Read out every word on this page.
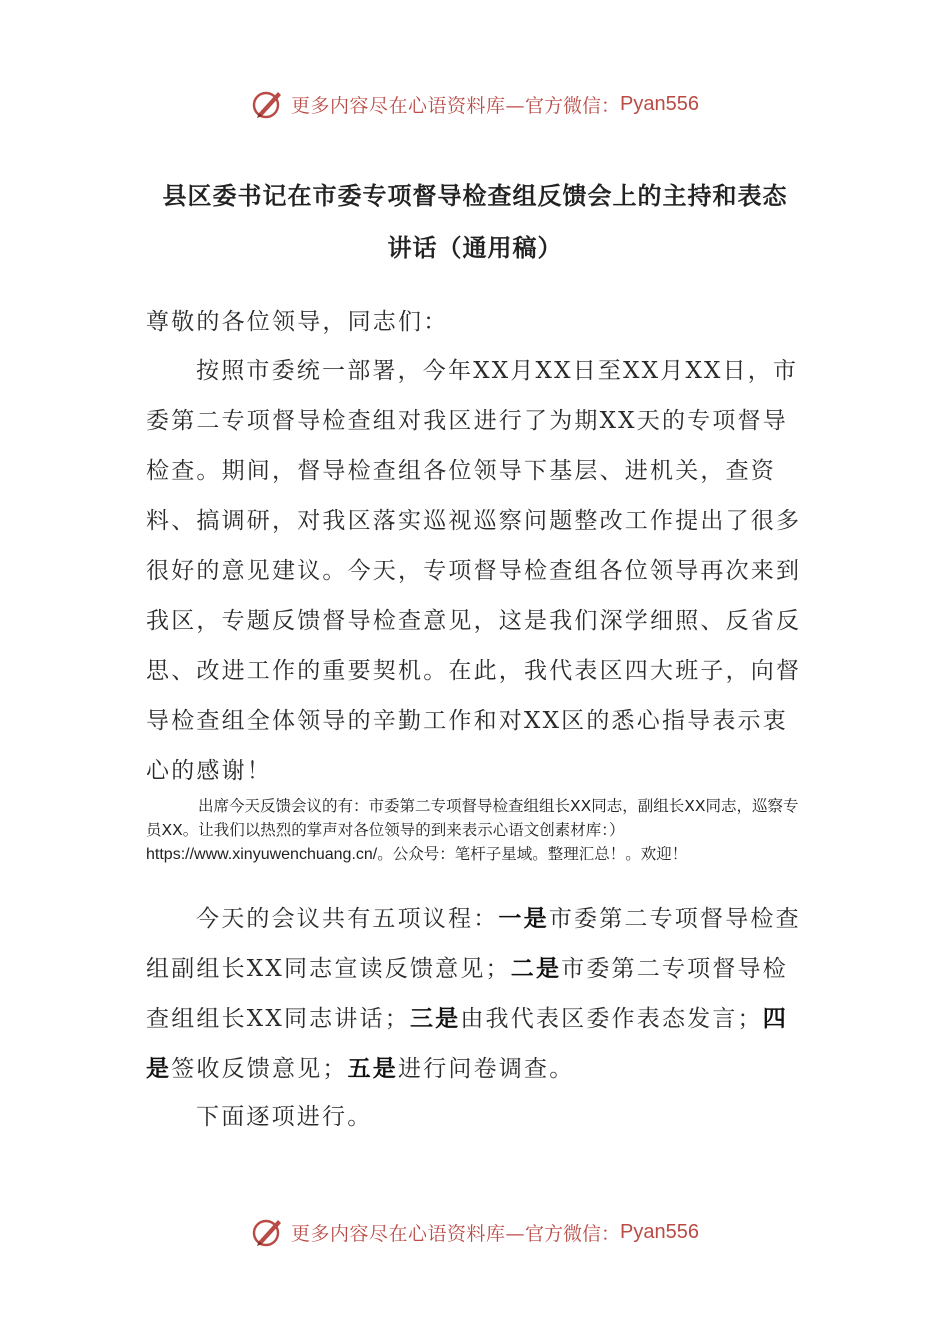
更多内容尽在心语资料库— 官方微信： Pyan556
县区委书记在市委专项督导检查组反馈会上的主持和表态
讲话（通用稿）

尊敬的各位领导，同志们：

按照市委统一部署，今年XX月XX日至XX月XX日，市委第二专项督导检查组对我区进行了为期XX天的专项督导检查。期间，督导检查组各位领导下基层、进机关，查资料、搞调研，对我区落实巡视巡察问题整改工作提出了很多很好的意见建议。今天，专项督导检查组各位领导再次来到我区，专题反馈督导检查意见，这是我们深学细照、反省反思、改进工作的重要契机。在此，我代表区四大班子，向督导检查组全体领导的辛勤工作和对XX区的悉心指导表示衷心的感谢！

出席今天反馈会议的有：市委第二专项督导检查组组长XX同志，副组长XX同志，巡察专员XX。让我们以热烈的掌声对各位领导的到来表示心语文创素材库：）https://www.xinyuwenchuang.cn/。公众号：笔杆子星域。整理汇总！。欢迎！

今天的会议共有五项议程：一是市委第二专项督导检查组副组长XX同志宣读反馈意见；二是市委第二专项督导检查组组长XX同志讲话；三是由我代表区委作表态发言；四是签收反馈意见；五是进行问卷调查。

下面逐项进行。

更多内容尽在心语资料库— 官方微信： Pyan556
